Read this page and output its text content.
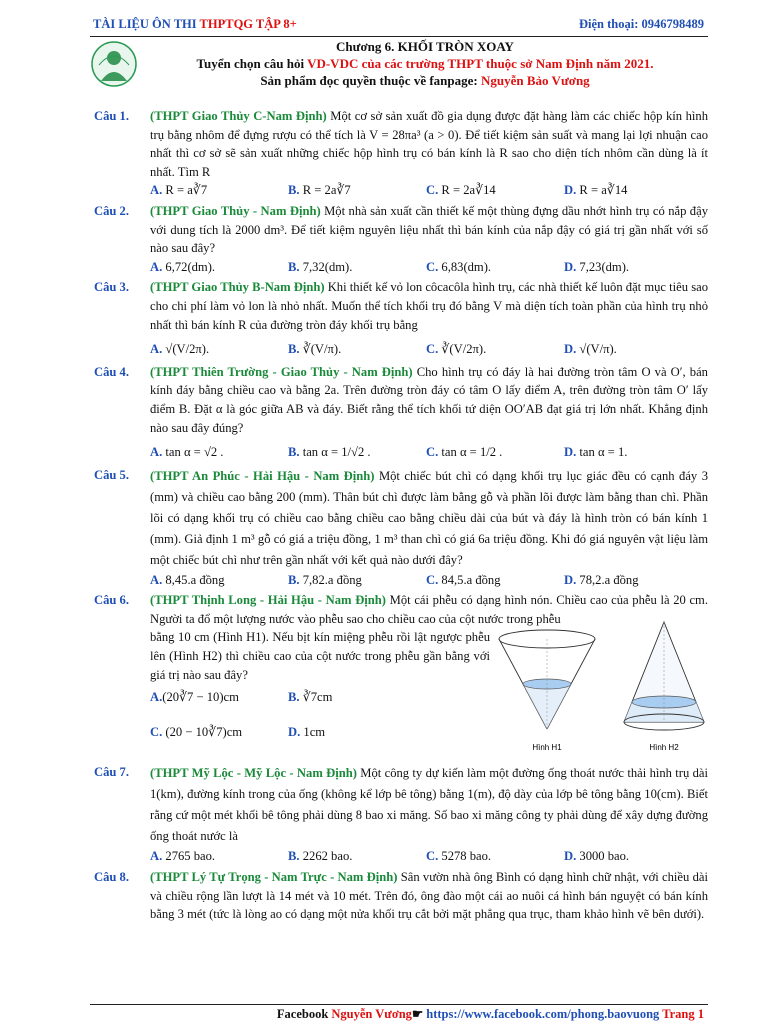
TÀI LIỆU ÔN THI THPTQG TẬP 8+	Điện thoại: 0946798489
Chương 6. KHỐI TRÒN XOAY
Tuyển chọn câu hỏi VD-VDC của các trường THPT thuộc sở Nam Định năm 2021.
Sản phẩm đọc quyền thuộc về fanpage: Nguyễn Bảo Vương
Câu 1. (THPT Giao Thủy C-Nam Định) Một cơ sở sản xuất đồ gia dụng được đặt hàng làm các chiếc hộp kín hình trụ bằng nhôm để đựng rượu có thể tích là V = 28πa³ (a > 0). Để tiết kiệm sản suất và mang lại lợi nhuận cao nhất thì cơ sở sẽ sản xuất những chiếc hộp hình trụ có bán kính là R sao cho diện tích nhôm cần dùng là ít nhất. Tìm R
A. R = a∛7	B. R = 2a∛7	C. R = 2a∛14	D. R = a∛14
Câu 2. (THPT Giao Thủy - Nam Định) Một nhà sản xuất cần thiết kế một thùng đựng dầu nhớt hình trụ có nắp đậy với dung tích là 2000 dm³. Để tiết kiệm nguyên liệu nhất thì bán kính của nắp đậy có giá trị gần nhất với số nào sau đây?
A. 6,72(dm).	B. 7,32(dm).	C. 6,83(dm).	D. 7,23(dm).
Câu 3. (THPT Giao Thủy B-Nam Định) Khi thiết kế vỏ lon côcacôla hình trụ, các nhà thiết kế luôn đặt mục tiêu sao cho chi phí làm vỏ lon là nhỏ nhất. Muốn thể tích khối trụ đó bằng V mà diện tích toàn phần của hình trụ nhỏ nhất thì bán kính R của đường tròn đáy khối trụ bằng
A. √(V/2π).	B. ∛(V/π).	C. ∛(V/2π).	D. √(V/π).
Câu 4. (THPT Thiên Trường - Giao Thủy - Nam Định) Cho hình trụ có đáy là hai đường tròn tâm O và O′, bán kính đáy bằng chiều cao và bằng 2a. Trên đường tròn đáy có tâm O lấy điểm A, trên đường tròn tâm O′ lấy điểm B. Đặt α là góc giữa AB và đáy. Biết rằng thể tích khối tứ diện OO′AB đạt giá trị lớn nhất. Khẳng định nào sau đây đúng?
A. tan α = √2 .	B. tan α = 1/√2 .	C. tan α = 1/2 .	D. tan α = 1.
Câu 5. (THPT An Phúc - Hải Hậu - Nam Định) Một chiếc bút chì có dạng khối trụ lục giác đều có cạnh đáy 3 (mm) và chiều cao bằng 200 (mm). Thân bút chì được làm bằng gỗ và phần lõi được làm bằng than chì. Phần lõi có dạng khối trụ có chiều cao bằng chiều cao bằng chiều dài của bút và đáy là hình tròn có bán kính 1 (mm). Giả định 1 m³ gỗ có giá a triệu đồng, 1 m³ than chì có giá 6a triệu đồng. Khi đó giá nguyên vật liệu làm một chiếc bút chì như trên gần nhất với kết quả nào dưới đây?
A. 8,45.a đồng	B. 7,82.a đồng	C. 84,5.a đồng	D. 78,2.a đồng
Câu 6. (THPT Thịnh Long - Hải Hậu - Nam Định) Một cái phễu có dạng hình nón. Chiều cao của phễu là 20 cm. Người ta đổ một lượng nước vào phễu sao cho chiều cao của cột nước trong phễu
bằng 10 cm (Hình H1). Nếu bịt kín miệng phễu rồi lật ngược phễu lên (Hình H2) thì chiều cao của cột nước trong phễu gần bằng với giá trị nào sau đây?
A.(20∛7 − 10)cm	B. ∛7cm
C. (20 − 10∛7)cm	D. 1cm
Hình H1	Hình H2
Câu 7. (THPT Mỹ Lộc - Mỹ Lộc - Nam Định) Một công ty dự kiến làm một đường ống thoát nước thải hình trụ dài 1(km), đường kính trong của ống (không kể lớp bê tông) bằng 1(m), độ dày của lớp bê tông bằng 10(cm). Biết rằng cứ một mét khối bê tông phải dùng 8 bao xi măng. Số bao xi măng công ty phải dùng để xây dựng đường ống thoát nước là
A. 2765 bao.	B. 2262 bao.	C. 5278 bao.	D. 3000 bao.
Câu 8. (THPT Lý Tự Trọng - Nam Trực - Nam Định) Sân vườn nhà ông Bình có dạng hình chữ nhật, với chiều dài và chiều rộng lần lượt là 14 mét và 10 mét. Trên đó, ông đào một cái ao nuôi cá hình bán nguyệt có bán kính bằng 3 mét (tức là lòng ao có dạng một nửa khối trụ cắt bởi mặt phẳng qua trục, tham khảo hình vẽ bên dưới).
Facebook Nguyễn Vương☛ https://www.facebook.com/phong.baovuong Trang 1
